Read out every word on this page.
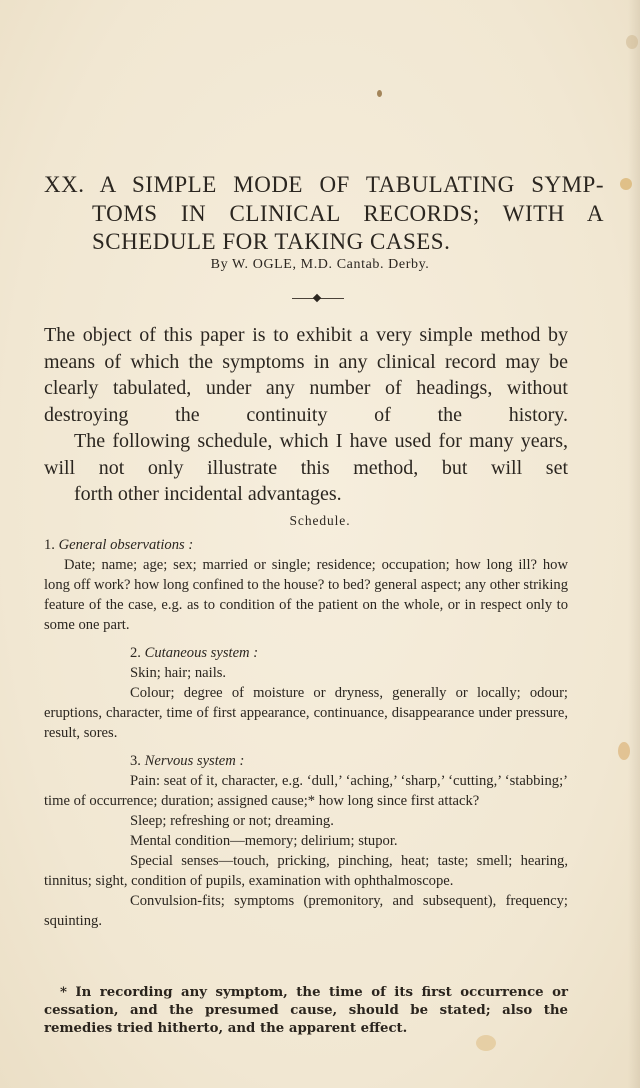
XX. A SIMPLE MODE OF TABULATING SYMP-
TOMS IN CLINICAL RECORDS; WITH A
SCHEDULE FOR TAKING CASES.
By W. OGLE, M.D. Cantab. Derby.

The object of this paper is to exhibit a very simple method by means of which the symptoms in any clinical record may be clearly tabulated, under any number of headings, without destroying the continuity of the history.

The following schedule, which I have used for many years, will not only illustrate this method, but will set
forth other incidental advantages.

Schedule.

1. General observations :

Date; name; age; sex; married or single; residence; occupation; how long ill? how long off work? how long confined to the house? to bed? general aspect; any other striking feature of the case, e.g. as to condition of the patient on the whole, or in respect only to some one part.

2. Cutaneous system :

Skin; hair; nails.

Colour; degree of moisture or dryness, generally or locally; odour; eruptions, character, time of first appearance, continuance, disappearance under pressure, result, sores.

3. Nervous system :

Pain: seat of it, character, e.g. ‘dull,’ ‘aching,’ ‘sharp,’ ‘cutting,’ ‘stabbing;’ time of occurrence; duration; assigned cause;* how long since first attack?

Sleep; refreshing or not; dreaming.

Mental condition—memory; delirium; stupor.

Special senses—touch, pricking, pinching, heat; taste; smell; hearing, tinnitus; sight, condition of pupils, examination with ophthalmoscope.

Convulsion-fits; symptoms (premonitory, and subsequent), frequency; squinting.

* In recording any symptom, the time of its first occurrence or cessation, and the presumed cause, should be stated; also the remedies tried hitherto, and the apparent effect.
